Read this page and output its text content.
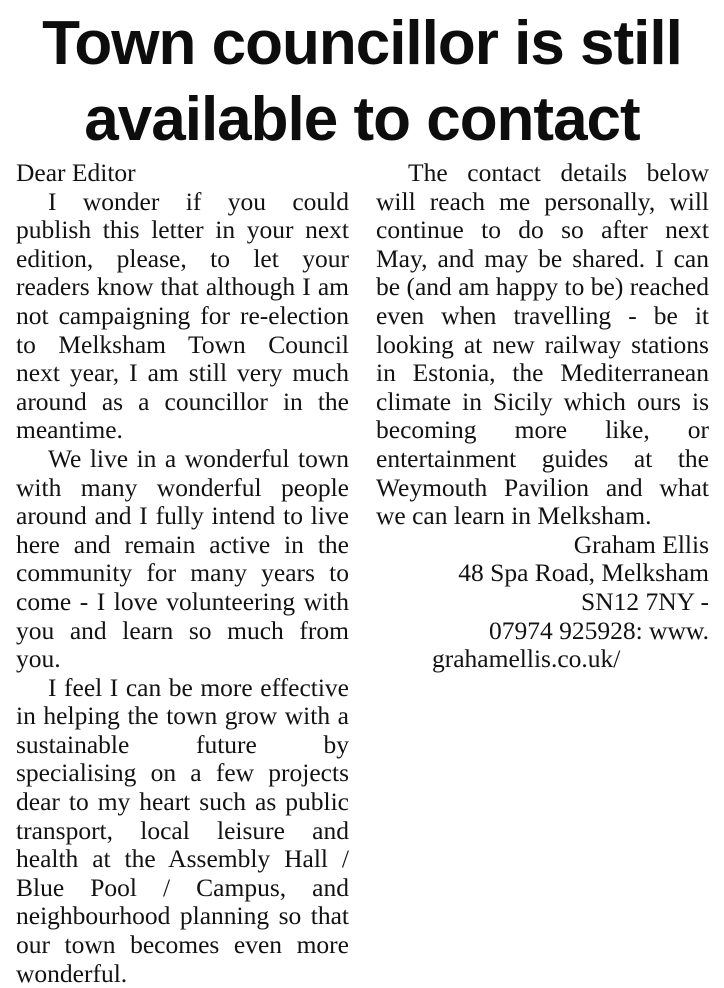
Town councillor is still available to contact

Dear Editor

I wonder if you could publish this letter in your next edition, please, to let your readers know that although I am not campaigning for re-election to Melksham Town Council next year, I am still very much around as a councillor in the meantime.

We live in a wonderful town with many wonderful people around and I fully intend to live here and remain active in the community for many years to come - I love volunteering with you and learn so much from you.

I feel I can be more effective in helping the town grow with a sustainable future by specialising on a few projects dear to my heart such as public transport, local leisure and health at the Assembly Hall / Blue Pool / Campus, and neighbourhood planning so that our town becomes even more wonderful.

The contact details below will reach me personally, will continue to do so after next May, and may be shared. I can be (and am happy to be) reached even when travelling - be it looking at new railway stations in Estonia, the Mediterranean climate in Sicily which ours is becoming more like, or entertainment guides at the Weymouth Pavilion and what we can learn in Melksham.

Graham Ellis

48 Spa Road, Melksham

SN12 7NY -

07974 925928: www.

grahamellis.co.uk/
